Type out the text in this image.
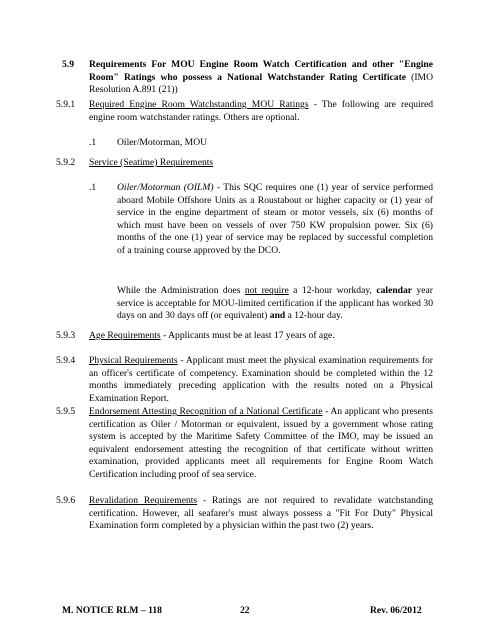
5.9 Requirements For MOU Engine Room Watch Certification and other "Engine Room" Ratings who possess a National Watchstander Rating Certificate (IMO Resolution A.891 (21))
5.9.1 Required Engine Room Watchstanding MOU Ratings - The following are required engine room watchstander ratings. Others are optional.
.1 Oiler/Motorman, MOU
5.9.2 Service (Seatime) Requirements
.1 Oiler/Motorman (OILM) - This SQC requires one (1) year of service performed aboard Mobile Offshore Units as a Roustabout or higher capacity or (1) year of service in the engine department of steam or motor vessels, six (6) months of which must have been on vessels of over 750 KW propulsion power. Six (6) months of the one (1) year of service may be replaced by successful completion of a training course approved by the DCO.
While the Administration does not require a 12-hour workday, calendar year service is acceptable for MOU-limited certification if the applicant has worked 30 days on and 30 days off (or equivalent) and a 12-hour day.
5.9.3 Age Requirements - Applicants must be at least 17 years of age.
5.9.4 Physical Requirements - Applicant must meet the physical examination requirements for an officer's certificate of competency. Examination should be completed within the 12 months immediately preceding application with the results noted on a Physical Examination Report.
5.9.5 Endorsement Attesting Recognition of a National Certificate - An applicant who presents certification as Oiler / Motorman or equivalent, issued by a government whose rating system is accepted by the Maritime Safety Committee of the IMO, may be issued an equivalent endorsement attesting the recognition of that certificate without written examination, provided applicants meet all requirements for Engine Room Watch Certification including proof of sea service.
5.9.6 Revalidation Requirements - Ratings are not required to revalidate watchstanding certification. However, all seafarer's must always possess a "Fit For Duty" Physical Examination form completed by a physician within the past two (2) years.
M. NOTICE RLM – 118	22	Rev. 06/2012
